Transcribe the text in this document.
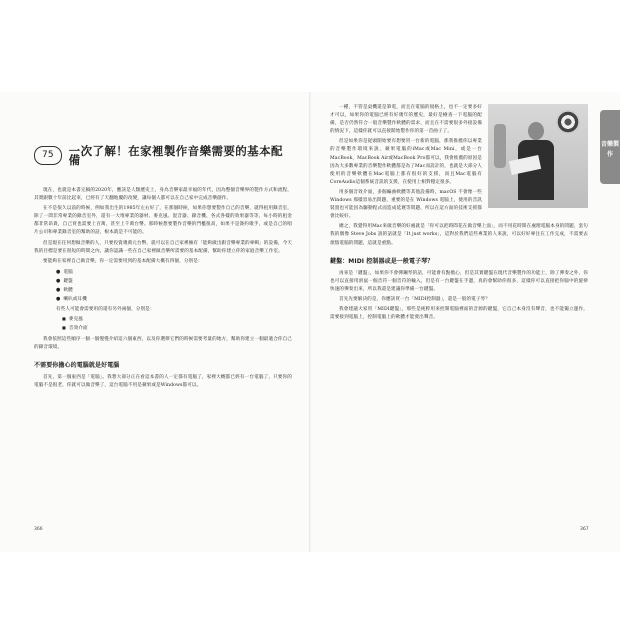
75	一次了解！在家裡製作音樂需要的基本配備

現在，也就是本書完稿的2020年，應該是人類歷史上，身為音樂家最幸福的年代，因為整個音樂界的製作方式和流程，其實跟數十年前比起來，已經有了天翻地覆的改變，讓每個人都可以在自己家中完成音樂創作。

在不是很久以前的時候，例如我出生的1985年左右好了，在那個時候，如果你想要製作自己的音樂，就得租用錄音室，除了一間非常專業的錄音室外，還有一大堆專業的器材、麥克風、混音器、錄音機、各式各樣的效果器等等，每小時的租金都非常昂貴，自己買也需要上百萬，甚至上千萬台幣。那時候想要製作音樂的門檻很高，如果不是簽約歌手，或是自己的唱片公司和專業錄音室的幫助的話，根本就是不可能的。

但是現在任何想做音樂的人，只要投資幾萬元台幣，就可以在自己家裡擁有「能夠做出跟音樂專業的專輯」的設備，今天我的目標是要在很短的時間之內，讓你認識一些在自己家裡做音樂所需要的基本配備，幫助你建立你的家庭音樂工作室。

要能夠在家裡自己做音樂，你一定需要用到的基本配備大概有四個，分別是：

● 電腦
● 鍵盤
● 軟體
● 喇叭或耳機
有些人可能會需要用的還有另外兩個，分別是：
■ 麥克風
■ 音效介面

我會依照這些順序一個一個慢慢介紹這六個東西，以及你選擇它們的時候需要考量的地方，幫助你建立一個最適合你自己的錄音環境。

不需要你擔心的電腦就是好電腦

首先，第一個東西是「電腦」。我想大部分正在看這本書的人一定都有電腦了，家裡大概都已經有一台電腦了，只要你的電腦不是很老，你就可以做音樂了，這台電腦不用是蘋果或是Windows都可以。

一種，不管是桌機還是筆電，而且在電腦的規格上，也不一定要多好才可以，如果你的電腦已經有好幾年的歷史，最好是檢查一下電腦的配備，是否仍然符合一般音樂製作軟體的需求，而且在不需要很多外接設備的情況下，這樣你就可以直接開始製作你的第一首曲子了。

但是如果你是從頭開始要有想要買一台新的電腦，那我推薦你以專業的音樂製作環境來說，蘋果電腦的iMac或Mac Mini，或是一台MacBook，MacBook Air或MacBook Pro都可以，我會推薦的原因是因為大多數專業的音樂製作軟體都是為了Mac而設計的，也就是大部分人使用的音樂軟體在Mac電腦上都有很好的支援，而且Mac電腦有CoreAudio這個系統音訊的支援，在使用上相對穩定很多。

用多個音效介面，多個編曲軟體等其他設備時，macOS 不會像一些 Windows 那樣容易出問題，重要的是在 Windows 電腦上，使用的音訊裝置也可能因為驅動程式而造成延遲等問題，所以在這方面的技術支援都會比較好。

總之，我覺得用Mac來做音樂的好處就是「你可以把時間花在做音樂上面」，而不用花時間在處理電腦本身的問題，套句我的偶像 Steve Jobs 說的話就是「It just works」，這對於我們這些專業的人來說，可以好好專注在工作完成，不需要去煩惱電腦的問題，這就是重點。

鍵盤：MIDI 控制器或是一般電子琴？

再來是「鍵盤」，如果你不會彈鋼琴的話，可能會有點擔心，但是其實鍵盤在現代音樂製作的功能上，除了彈奏之外，你也可以直接用滑鼠一個音符一個音符的輸入，但是有一台鍵盤在手邊，真的會幫助你很多，這樣你可以直接把你腦中的旋律快速的彈奏出來，所以我還是建議你準備一台鍵盤。

首先先要解決的是，你應該買一台「MIDI控制器」，還是一般的電子琴？

我會建議大家買「MIDI鍵盤」，那些是純粹用來控制電腦裡面的音源的鍵盤，它自己本身沒有聲音，也不能獨立運作，需要接到電腦上，控制電腦上的軟體才能發出聲音。

音樂製作
366	367
